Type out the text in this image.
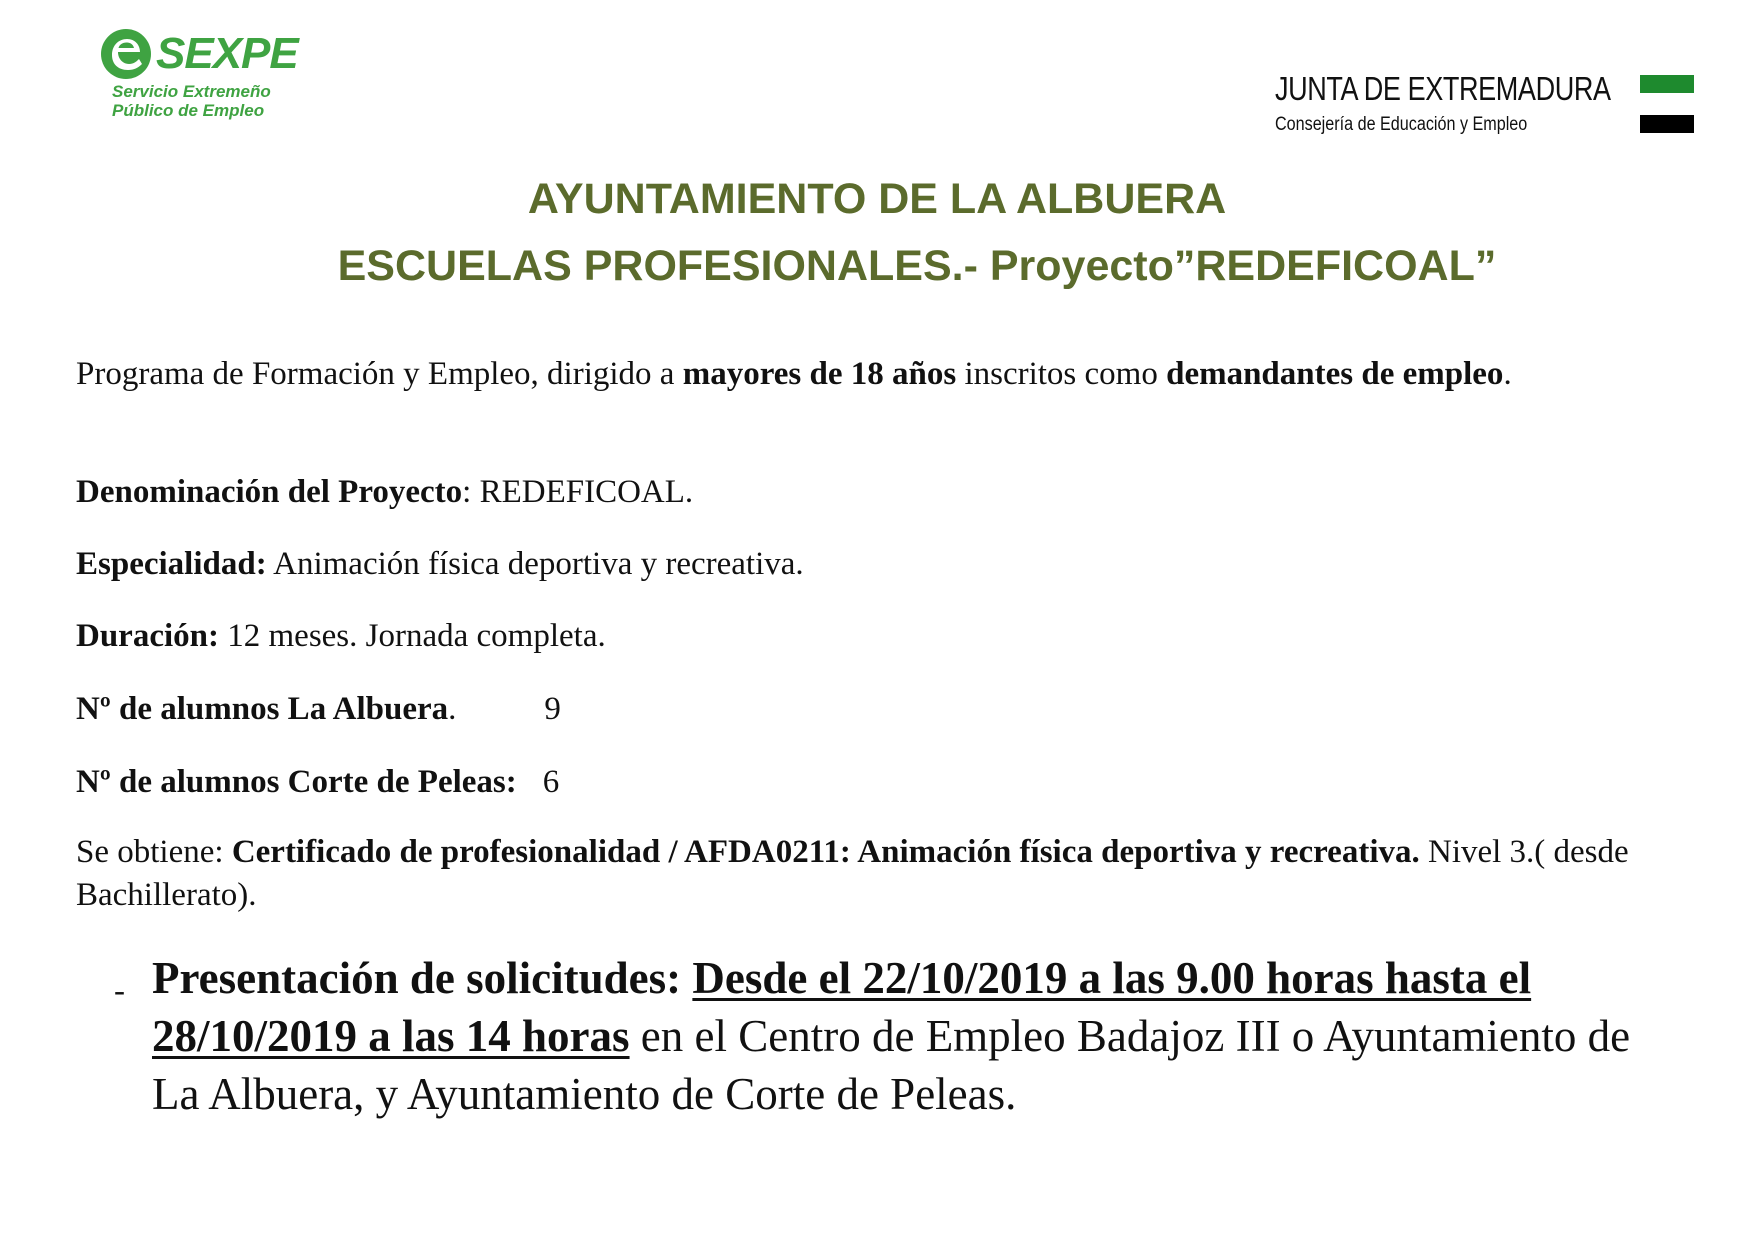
SEXPE
Servicio Extremeño
Público de Empleo
JUNTA DE EXTREMADURA
Consejería de Educación y Empleo
AYUNTAMIENTO DE LA ALBUERA
ESCUELAS PROFESIONALES.- Proyecto”REDEFICOAL”
Programa de Formación y Empleo, dirigido a mayores de 18 años inscritos como demandantes de empleo.
Denominación del Proyecto: REDEFICOAL.
Especialidad: Animación física deportiva y recreativa.
Duración: 12 meses. Jornada completa.
Nº de alumnos La Albuera.	9
Nº de alumnos Corte de Peleas: 6
Se obtiene: Certificado de profesionalidad / AFDA0211: Animación física deportiva y recreativa. Nivel 3.( desde Bachillerato).
- Presentación de solicitudes: Desde el 22/10/2019 a las 9.00 horas hasta el 28/10/2019 a las 14 horas en el Centro de Empleo Badajoz III o Ayuntamiento de La Albuera, y Ayuntamiento de Corte de Peleas.
